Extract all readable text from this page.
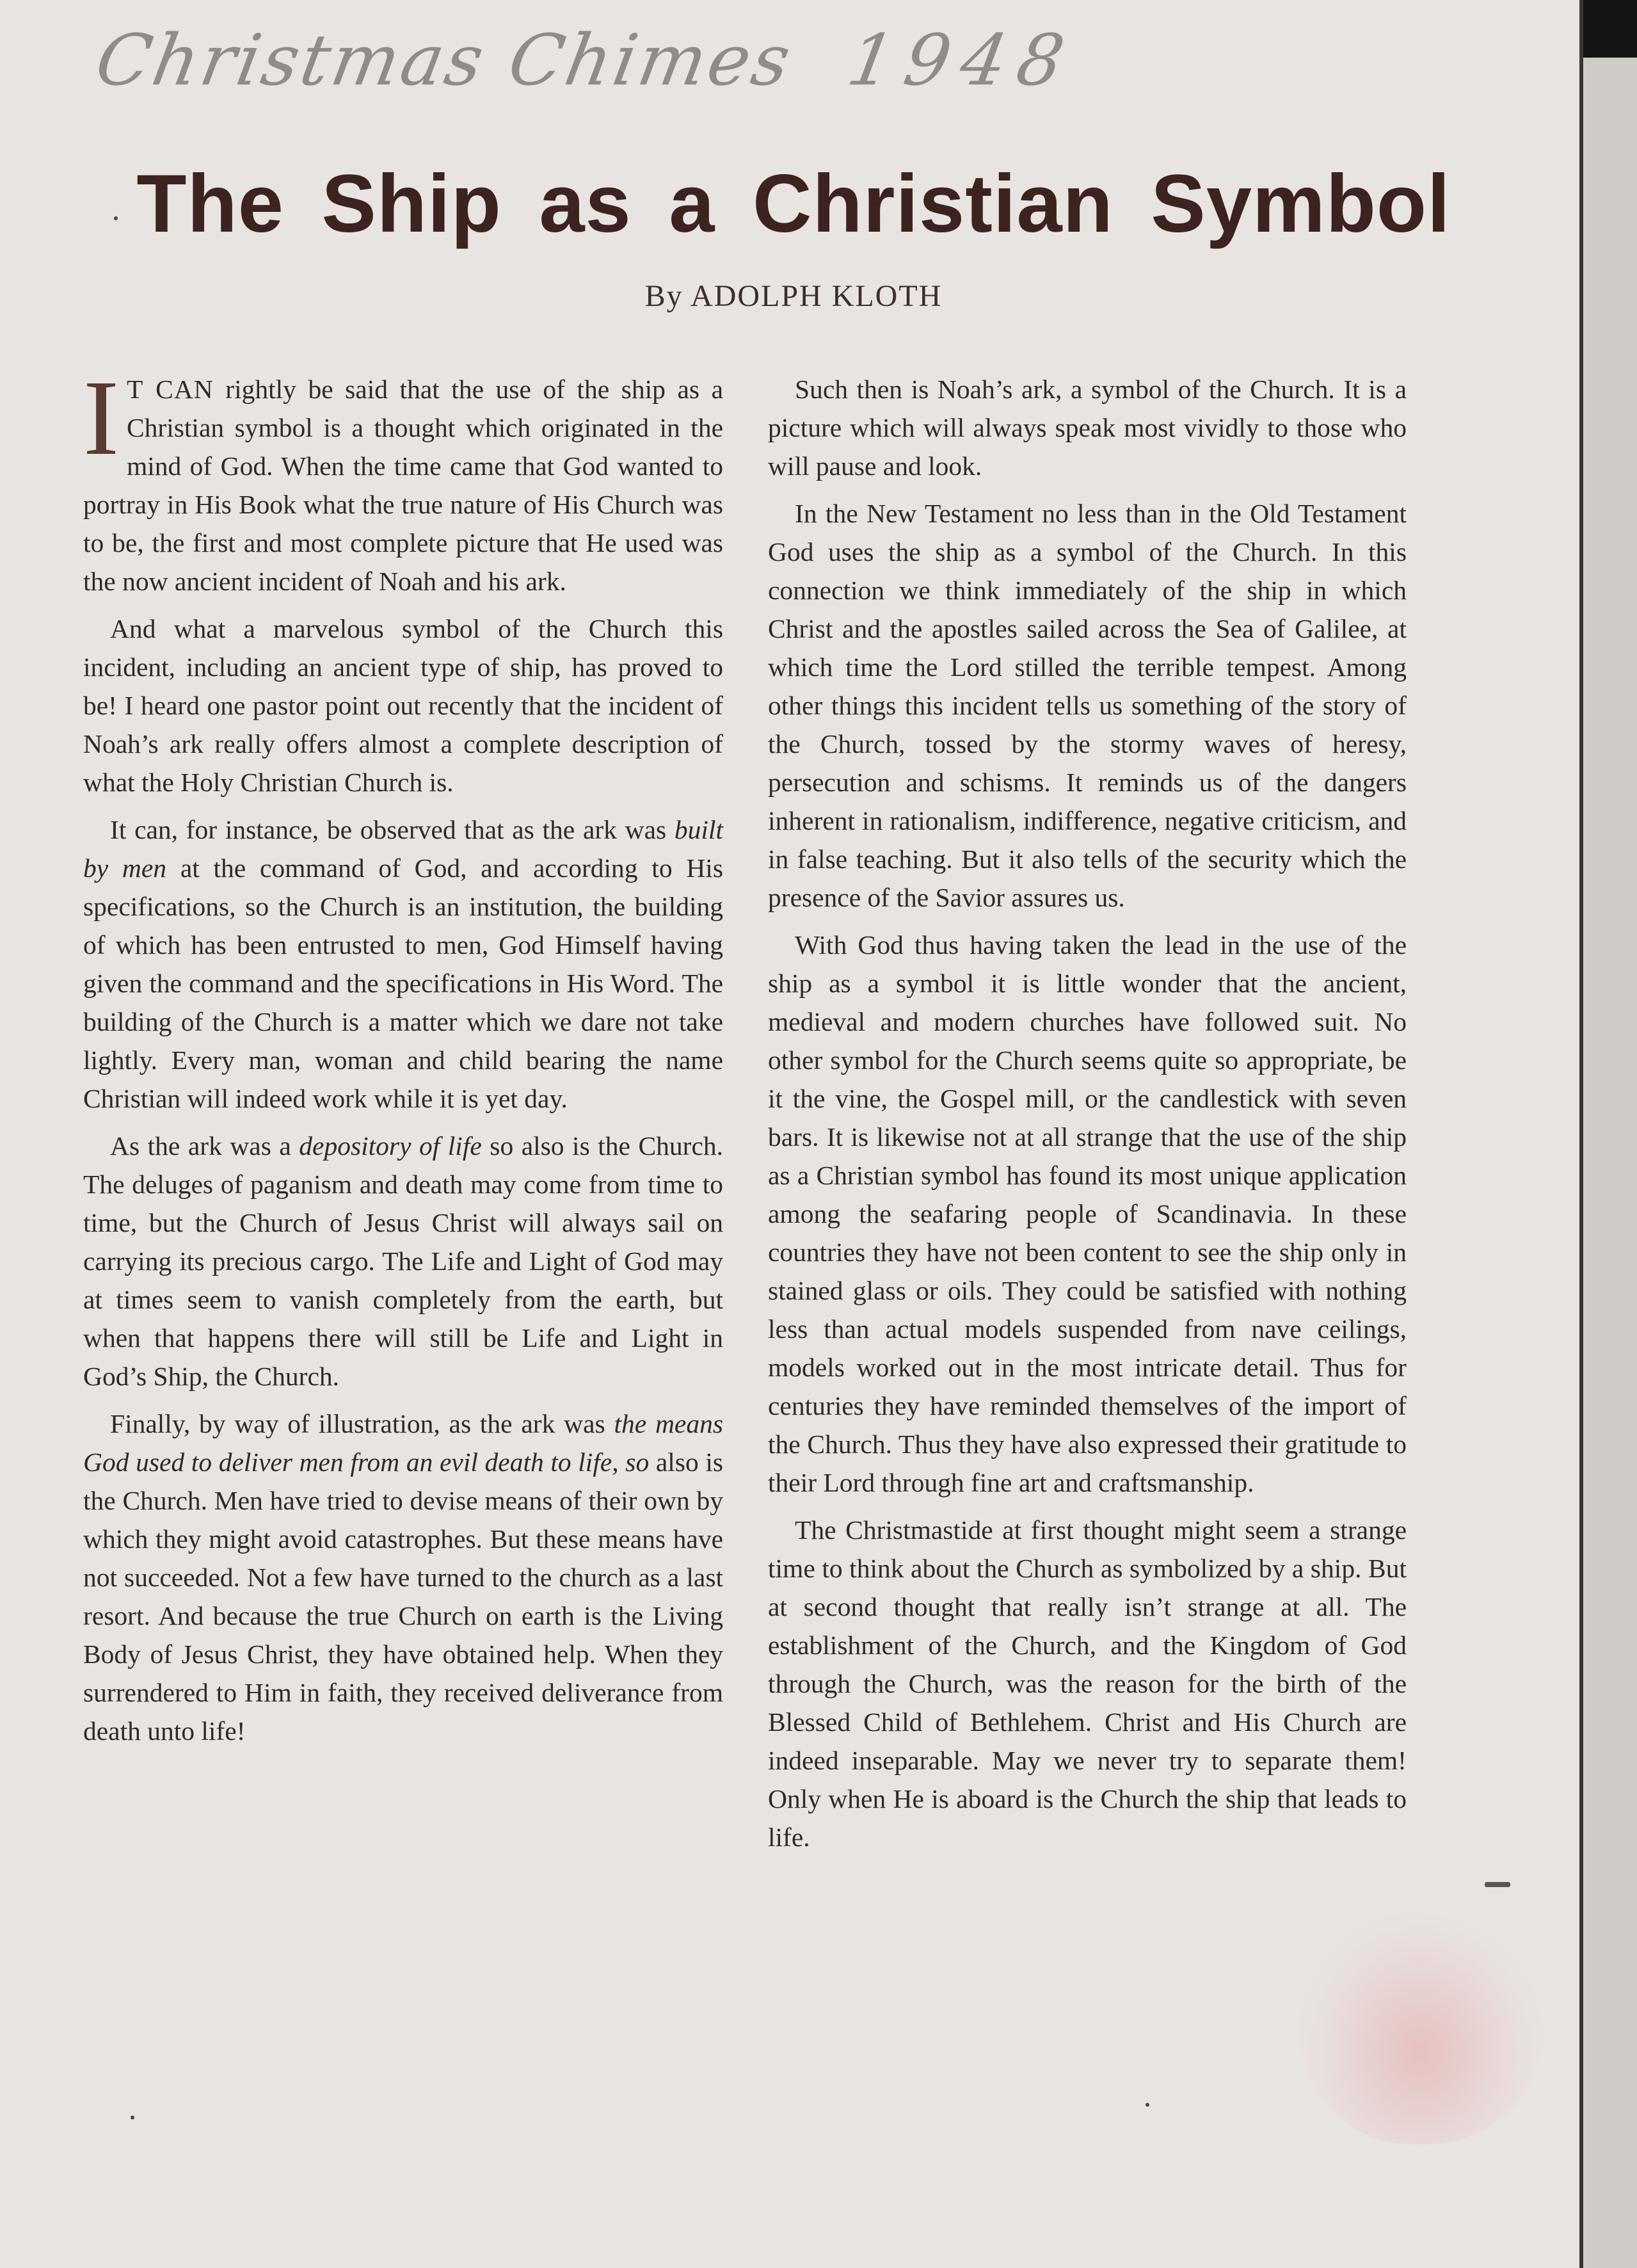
Christmas Chimes 1948
The Ship as a Christian Symbol
By ADOLPH KLOTH

I T CAN rightly be said that the use of the ship as a Christian symbol is a thought which originated in the mind of God. When the time came that God wanted to portray in His Book what the true nature of His Church was to be, the first and most complete picture that He used was the now ancient incident of Noah and his ark.

And what a marvelous symbol of the Church this incident, including an ancient type of ship, has proved to be! I heard one pastor point out recently that the incident of Noah’s ark really offers almost a complete description of what the Holy Christian Church is.

It can, for instance, be observed that as the ark was built by men at the command of God, and according to His specifications, so the Church is an institution, the building of which has been entrusted to men, God Himself having given the command and the specifications in His Word. The building of the Church is a matter which we dare not take lightly. Every man, woman and child bearing the name Christian will indeed work while it is yet day.

As the ark was a depository of life so also is the Church. The deluges of paganism and death may come from time to time, but the Church of Jesus Christ will always sail on carrying its precious cargo. The Life and Light of God may at times seem to vanish completely from the earth, but when that happens there will still be Life and Light in God’s Ship, the Church.

Finally, by way of illustration, as the ark was the means God used to deliver men from an evil death to life, so also is the Church. Men have tried to devise means of their own by which they might avoid catastrophes. But these means have not succeeded. Not a few have turned to the church as a last resort. And because the true Church on earth is the Living Body of Jesus Christ, they have obtained help. When they surrendered to Him in faith, they received deliverance from death unto life!

Such then is Noah’s ark, a symbol of the Church. It is a picture which will always speak most vividly to those who will pause and look.

In the New Testament no less than in the Old Testament God uses the ship as a symbol of the Church. In this connection we think immediately of the ship in which Christ and the apostles sailed across the Sea of Galilee, at which time the Lord stilled the terrible tempest. Among other things this incident tells us something of the story of the Church, tossed by the stormy waves of heresy, persecution and schisms. It reminds us of the dangers inherent in rationalism, indifference, negative criticism, and in false teaching. But it also tells of the security which the presence of the Savior assures us.

With God thus having taken the lead in the use of the ship as a symbol it is little wonder that the ancient, medieval and modern churches have followed suit. No other symbol for the Church seems quite so appropriate, be it the vine, the Gospel mill, or the candlestick with seven bars. It is likewise not at all strange that the use of the ship as a Christian symbol has found its most unique application among the seafaring people of Scandinavia. In these countries they have not been content to see the ship only in stained glass or oils. They could be satisfied with nothing less than actual models suspended from nave ceilings, models worked out in the most intricate detail. Thus for centuries they have reminded themselves of the import of the Church. Thus they have also expressed their gratitude to their Lord through fine art and craftsmanship.

The Christmastide at first thought might seem a strange time to think about the Church as symbolized by a ship. But at second thought that really isn’t strange at all. The establishment of the Church, and the Kingdom of God through the Church, was the reason for the birth of the Blessed Child of Bethlehem. Christ and His Church are indeed inseparable. May we never try to separate them! Only when He is aboard is the Church the ship that leads to life.
